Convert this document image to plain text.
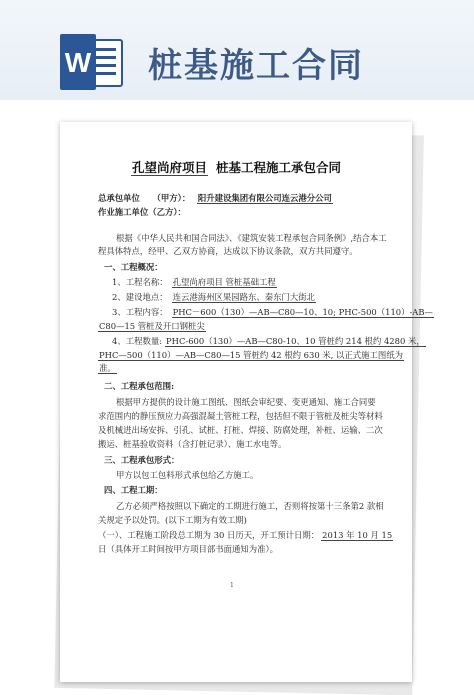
W 桩基施工合同
孔望尚府项目 桩基工程施工承包合同
总承包单位 （甲方）： 阳升建设集团有限公司连云港分公司
作业施工单位（乙方）：
根据《中华人民共和国合同法》、《建筑安装工程承包合同条例》,结合本工
程具体特点，经甲、乙双方协商，达成以下协议条款，双方共同遵守。
一、工程概况：
1、工程名称： 孔望尚府项目 管桩基础工程
2、建设地点： 连云港海州区果园路东、秦东门大街北
3、工程内容： PHC－600（130）—AB—C80—10、10; PHC-500（110）-AB—
C80—15 管桩及开口钢桩尖
4、工程数量: PHC-600（130）—AB—C80-10、10 管桩约 214 根约 4280 米，
PHC—500（110）—AB—C80—15 管桩约 42 根约 630 米, 以正式施工图纸为
准。
二、工程承包范围:
根据甲方提供的设计施工图纸、图纸会审纪要、变更通知、施工合同要
求范围内的静压预应力高强混凝土管桩工程，包括但不限于管桩及桩尖等材料
及机械进出场安拆、引孔、试桩、打桩、焊接、防腐处理，补桩、运输、二次
搬运、桩基验收资料（含打桩记录）、施工水电等。
三、工程承包形式：
甲方以包工包料形式承包给乙方施工。
四、工程工期：
乙方必须严格按照以下确定的工期进行施工，否则将按第十三条第2 款相
关规定予以处罚。(以下工期为有效工期)
（一）、工程施工阶段总工期为 30 日历天，开工预计日期： 2013 年 10 月 15
日（具体开工时间按甲方项目部书面通知为准）。
1
